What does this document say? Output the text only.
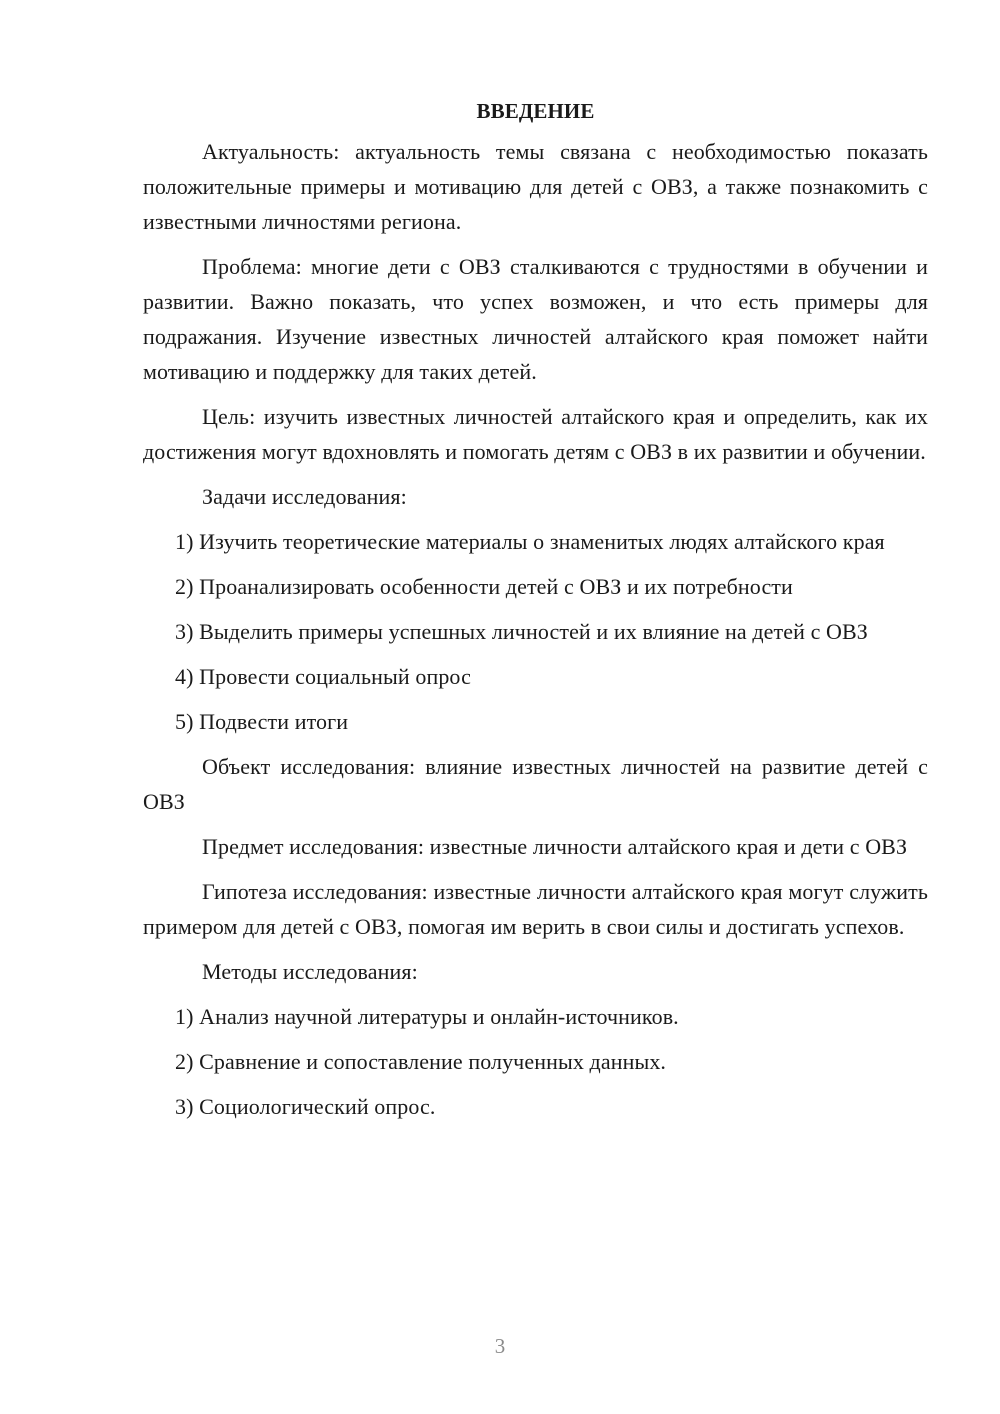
ВВЕДЕНИЕ

Актуальность: актуальность темы связана с необходимостью показать положительные примеры и мотивацию для детей с ОВЗ, а также познакомить с известными личностями региона.

Проблема: многие дети с ОВЗ сталкиваются с трудностями в обучении и развитии. Важно показать, что успех возможен, и что есть примеры для подражания. Изучение известных личностей алтайского края поможет найти мотивацию и поддержку для таких детей.

Цель: изучить известных личностей алтайского края и определить, как их достижения могут вдохновлять и помогать детям с ОВЗ в их развитии и обучении.

Задачи исследования:

1) Изучить теоретические материалы о знаменитых людях алтайского края

2) Проанализировать особенности детей с ОВЗ и их потребности

3) Выделить примеры успешных личностей и их влияние на детей с ОВЗ

4) Провести социальный опрос

5) Подвести итоги

Объект исследования: влияние известных личностей на развитие детей с ОВЗ

Предмет исследования: известные личности алтайского края и дети с ОВЗ

Гипотеза исследования: известные личности алтайского края могут служить примером для детей с ОВЗ, помогая им верить в свои силы и достигать успехов.

Методы исследования:

1) Анализ научной литературы и онлайн-источников.

2) Сравнение и сопоставление полученных данных.

3) Социологический опрос.

3
